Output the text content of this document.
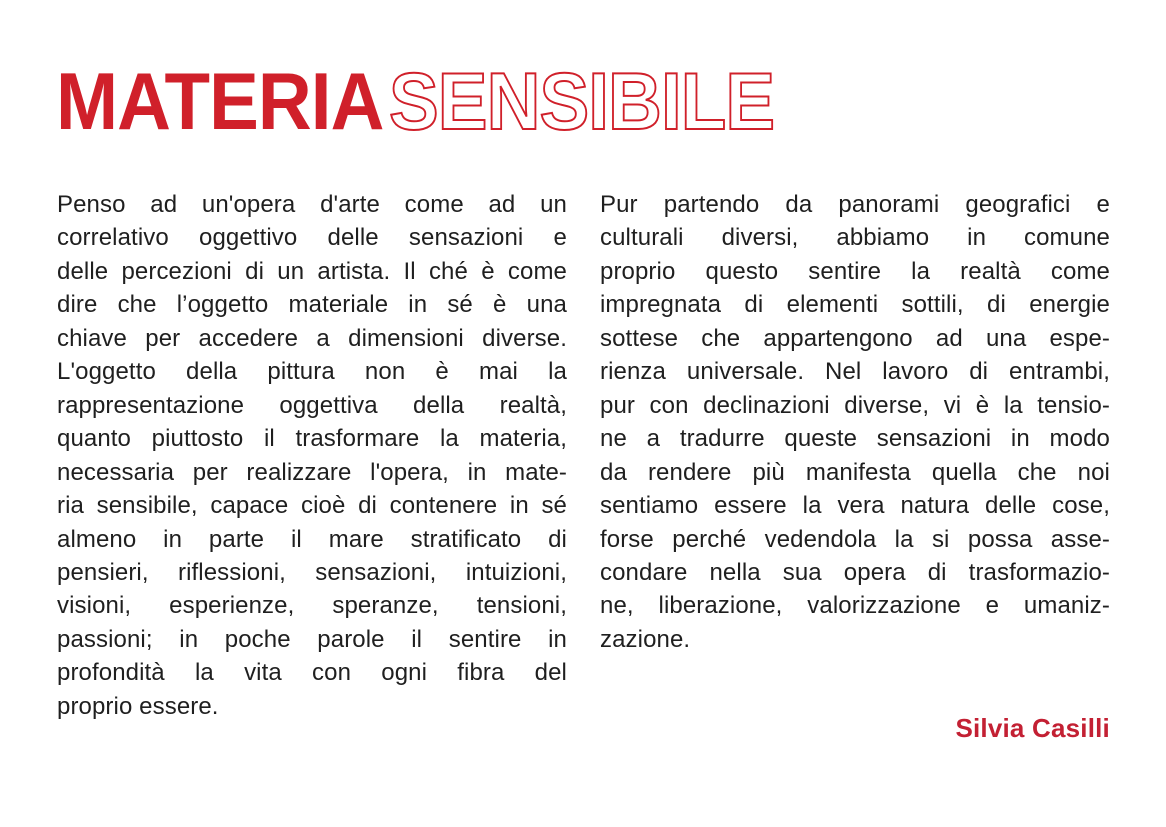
MATERIASENSIBILE
Penso ad un'opera d'arte come ad un
correlativo oggettivo delle sensazioni e
delle percezioni di un artista. Il ché è come
dire che l’oggetto materiale in sé è una
chiave per accedere a dimensioni diverse.
L'oggetto della pittura non è mai la
rappresentazione oggettiva della realtà,
quanto piuttosto il trasformare la materia,
necessaria per realizzare l'opera, in mate-
ria sensibile, capace cioè di contenere in sé
almeno in parte il mare stratificato di
pensieri, riflessioni, sensazioni, intuizioni,
visioni, esperienze, speranze, tensioni,
passioni; in poche parole il sentire in
profondità la vita con ogni fibra del
proprio essere.
Pur partendo da panorami geografici e
culturali diversi, abbiamo in comune
proprio questo sentire la realtà come
impregnata di elementi sottili, di energie
sottese che appartengono ad una espe-
rienza universale. Nel lavoro di entrambi,
pur con declinazioni diverse, vi è la tensio-
ne a tradurre queste sensazioni in modo
da rendere più manifesta quella che noi
sentiamo essere la vera natura delle cose,
forse perché vedendola la si possa asse-
condare nella sua opera di trasformazio-
ne, liberazione, valorizzazione e umaniz-
zazione.
Silvia Casilli
